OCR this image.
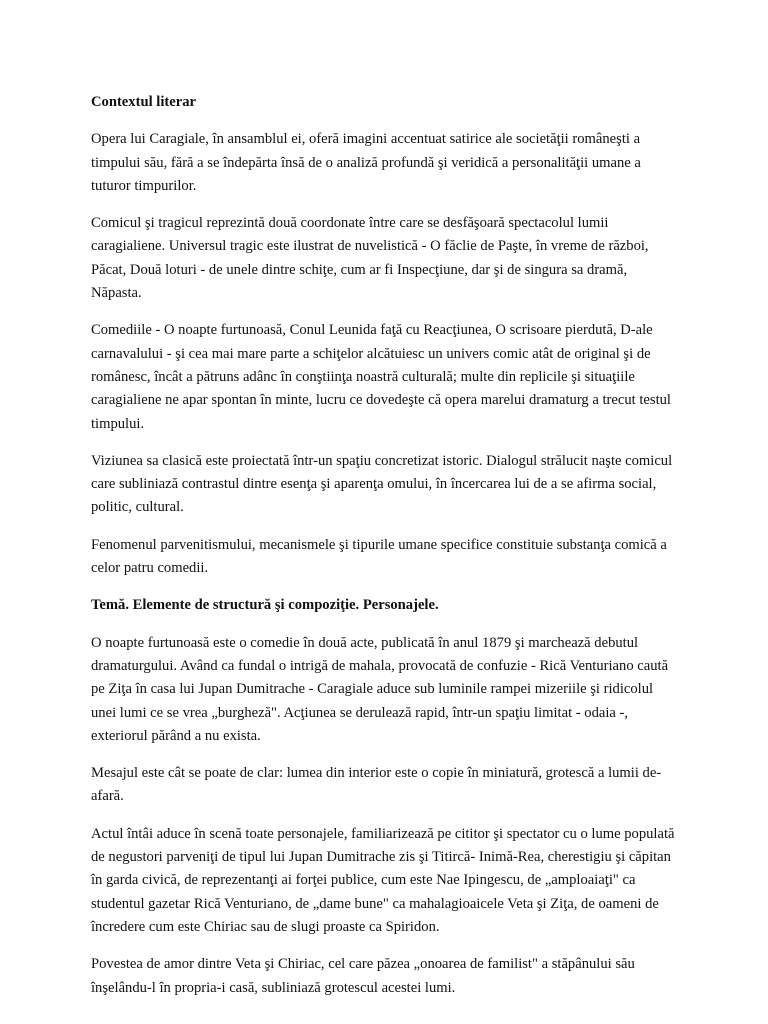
Contextul literar

Opera lui Caragiale, în ansamblul ei, oferă imagini accentuat satirice ale societăţii româneşti a timpului său, fără a se îndepărta însă de o analiză profundă şi veridică a personalităţii umane a tuturor timpurilor.

Comicul şi tragicul reprezintă două coordonate între care se desfăşoară spectacolul lumii caragialiene. Universul tragic este ilustrat de nuvelistică - O făclie de Paşte, în vreme de război, Păcat, Două loturi - de unele dintre schiţe, cum ar fi Inspecţiune, dar şi de singura sa dramă, Năpasta.

Comediile - O noapte furtunoasă, Conul Leunida faţă cu Reacţiunea, O scrisoare pierdută, D-ale carnavalului - şi cea mai mare parte a schiţelor alcătuiesc un univers comic atât de original şi de românesc, încât a pătruns adânc în conştiinţa noastră culturală; multe din replicile şi situaţiile caragialiene ne apar spontan în minte, lucru ce dovedeşte că opera marelui dramaturg a trecut testul timpului.

Viziunea sa clasică este proiectată într-un spaţiu concretizat istoric. Dialogul strălucit naşte comicul care subliniază contrastul dintre esenţa şi aparenţa omului, în încercarea lui de a se afirma social, politic, cultural.

Fenomenul parvenitismului, mecanismele şi tipurile umane specifice constituie substanţa comică a celor patru comedii.

Temă. Elemente de structură şi compoziţie. Personajele.

O noapte furtunoasă este o comedie în două acte, publicată în anul 1879 şi marchează debutul dramaturgului. Având ca fundal o intrigă de mahala, provocată de confuzie - Rică Venturiano caută pe Ziţa în casa lui Jupan Dumitrache - Caragiale aduce sub luminile rampei mizeriile şi ridicolul unei lumi ce se vrea „burgheză". Acţiunea se derulează rapid, într-un spaţiu limitat - odaia -, exteriorul părând a nu exista.

Mesajul este cât se poate de clar: lumea din interior este o copie în miniatură, grotescă a lumii de-afară.

Actul întâi aduce în scenă toate personajele, familiarizează pe cititor şi spectator cu o lume populată de negustori parveniţi de tipul lui Jupan Dumitrache zis şi Titircă- Inimă-Rea, cherestigiu şi căpitan în garda civică, de reprezentanţi ai forţei publice, cum este Nae Ipingescu, de „amploaiaţi" ca studentul gazetar Rică Venturiano, de „dame bune" ca mahalagioaicele Veta şi Ziţa, de oameni de încredere cum este Chiriac sau de slugi proaste ca Spiridon.

Povestea de amor dintre Veta şi Chiriac, cel care păzea „onoarea de familist" a stăpânului său înşelându-l în propria-i casă, subliniază grotescul acestei lumi.
